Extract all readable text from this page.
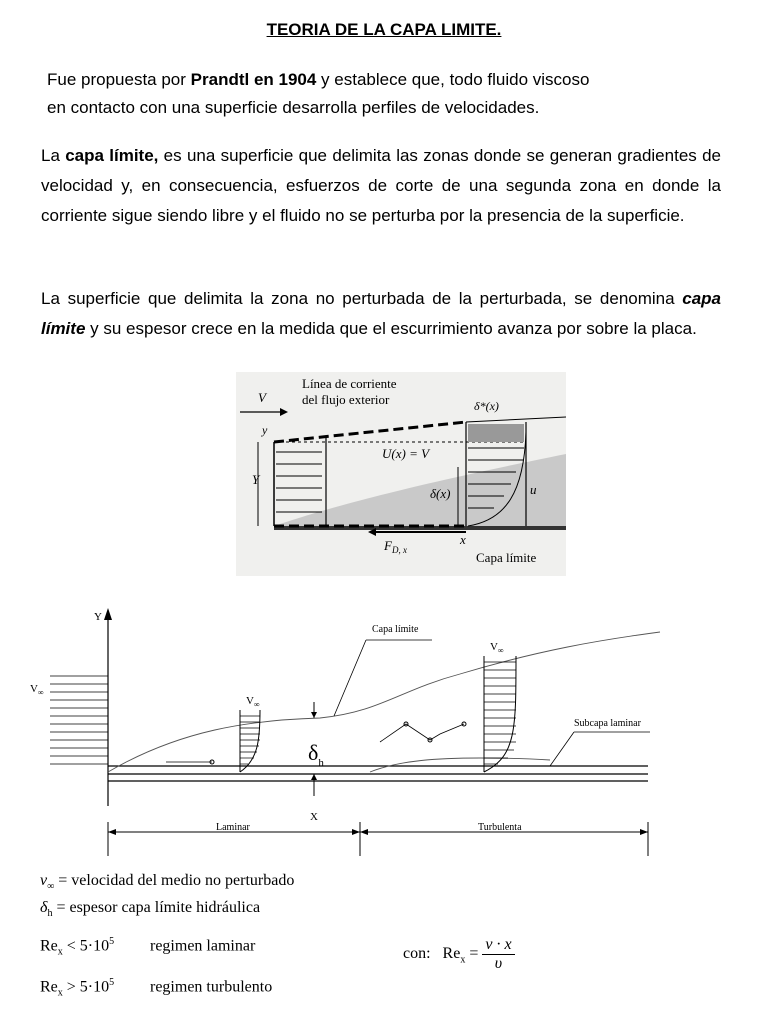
TEORIA DE LA CAPA LIMITE.
Fue propuesta por Prandtl en 1904 y establece que, todo fluido viscoso
en contacto con una superficie desarrolla perfiles de velocidades.
La capa límite, es una superficie que delimita las zonas donde se generan gradientes de velocidad y, en consecuencia, esfuerzos de corte de una segunda zona en donde la corriente sigue siendo libre y el fluido no se perturba por la presencia de la superficie.
La superficie que delimita la zona no perturbada de la perturbada, se denomina capa límite y su espesor crece en la medida que el escurrimiento avanza por sobre la placa.
V
Línea de corriente
del flujo exterior	δ*(x)
y
Y
U(x) = V
δ(x)	u
$F_{D, x}$
x
Capa límite
Y
X
$V_\infty$
$V_\infty$
$V_\infty$
Capa límite
Subcapa laminar
$\delta_h$
Laminar	Turbulenta
$v_\infty$ = velocidad del medio no perturbado
$\delta_h$ = espesor capa límite hidráulica
$Re_x < 5\cdot 10^5$ regimen laminar
$Re_x > 5\cdot 10^5$ regimen turbulento
con: $Re_x = \frac{v \cdot x}{\upsilon}$
